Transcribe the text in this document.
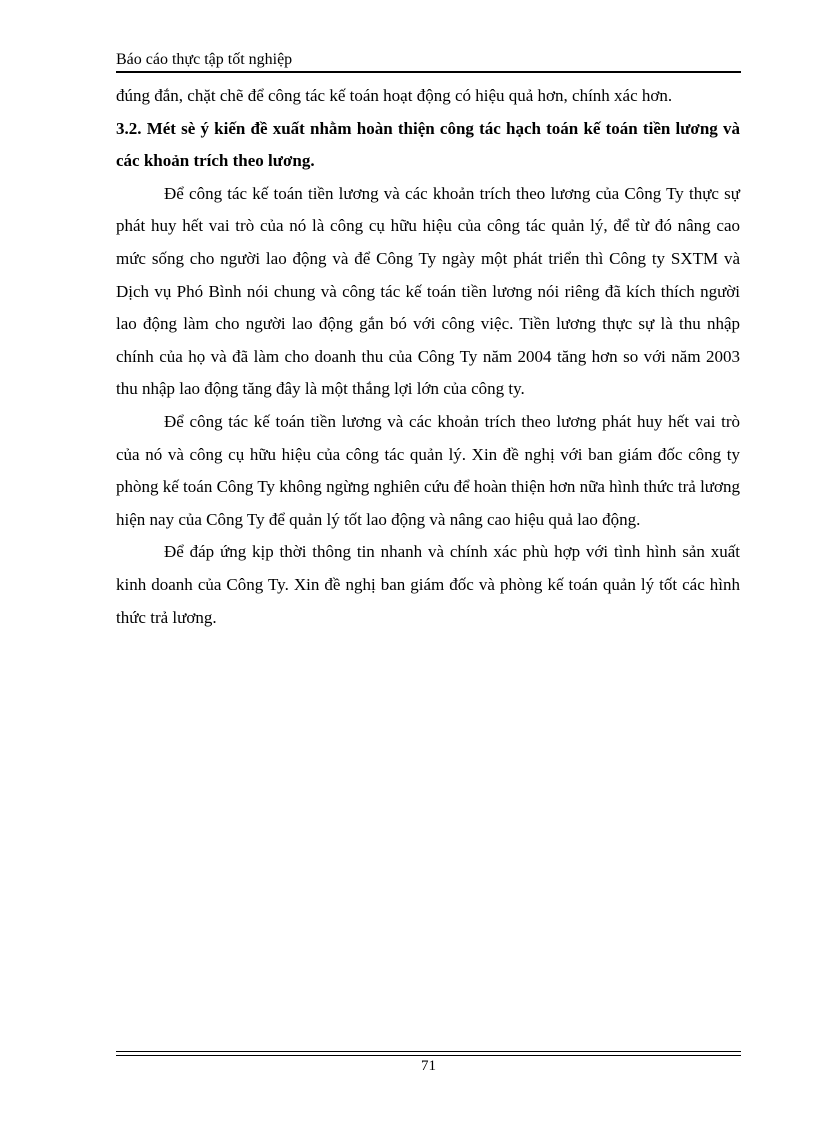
Báo cáo thực tập tốt nghiệp

đúng đắn, chặt chẽ để công tác kế toán hoạt động có hiệu quả hơn, chính xác hơn.

3.2. Mét sè ý kiến đề xuất nhằm hoàn thiện công tác hạch toán kế toán tiền lương và các khoản trích theo lương.

Để công tác kế toán tiền lương và các khoản trích theo lương của Công Ty thực sự phát huy hết vai trò của nó là công cụ hữu hiệu của công tác quản lý, để từ đó nâng cao mức sống cho người lao động và để Công Ty ngày một phát triển thì Công ty SXTM và Dịch vụ Phó Bình nói chung và công tác kế toán tiền lương nói riêng đã kích thích người lao động làm cho người lao động gắn bó với công việc. Tiền lương thực sự là thu nhập chính của họ và đã làm cho doanh thu của Công Ty năm 2004 tăng hơn so với năm 2003 thu nhập lao động tăng đây là một thắng lợi lớn của công ty.

Để công tác kế toán tiền lương và các khoản trích theo lương phát huy hết vai trò của nó và công cụ hữu hiệu của công tác quản lý. Xin đề nghị với ban giám đốc công ty phòng kế toán Công Ty không ngừng nghiên cứu để hoàn thiện hơn nữa hình thức trả lương hiện nay của Công Ty để quản lý tốt lao động và nâng cao hiệu quả lao động.

Để đáp ứng kịp thời thông tin nhanh và chính xác phù hợp với tình hình sản xuất kinh doanh của Công Ty. Xin đề nghị ban giám đốc và phòng kế toán quản lý tốt các hình thức trả lương.

71
